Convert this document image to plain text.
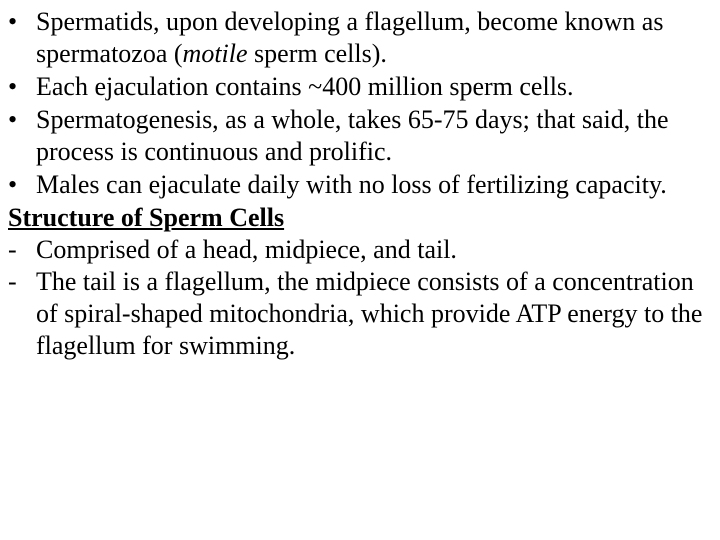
• Spermatids, upon developing a flagellum, become known as spermatozoa (motile sperm cells).
• Each ejaculation contains ~400 million sperm cells.
• Spermatogenesis, as a whole, takes 65-75 days; that said, the process is continuous and prolific.
• Males can ejaculate daily with no loss of fertilizing capacity.
Structure of Sperm Cells
- Comprised of a head, midpiece, and tail.
- The tail is a flagellum, the midpiece consists of a concentration of spiral-shaped mitochondria, which provide ATP energy to the flagellum for swimming.
